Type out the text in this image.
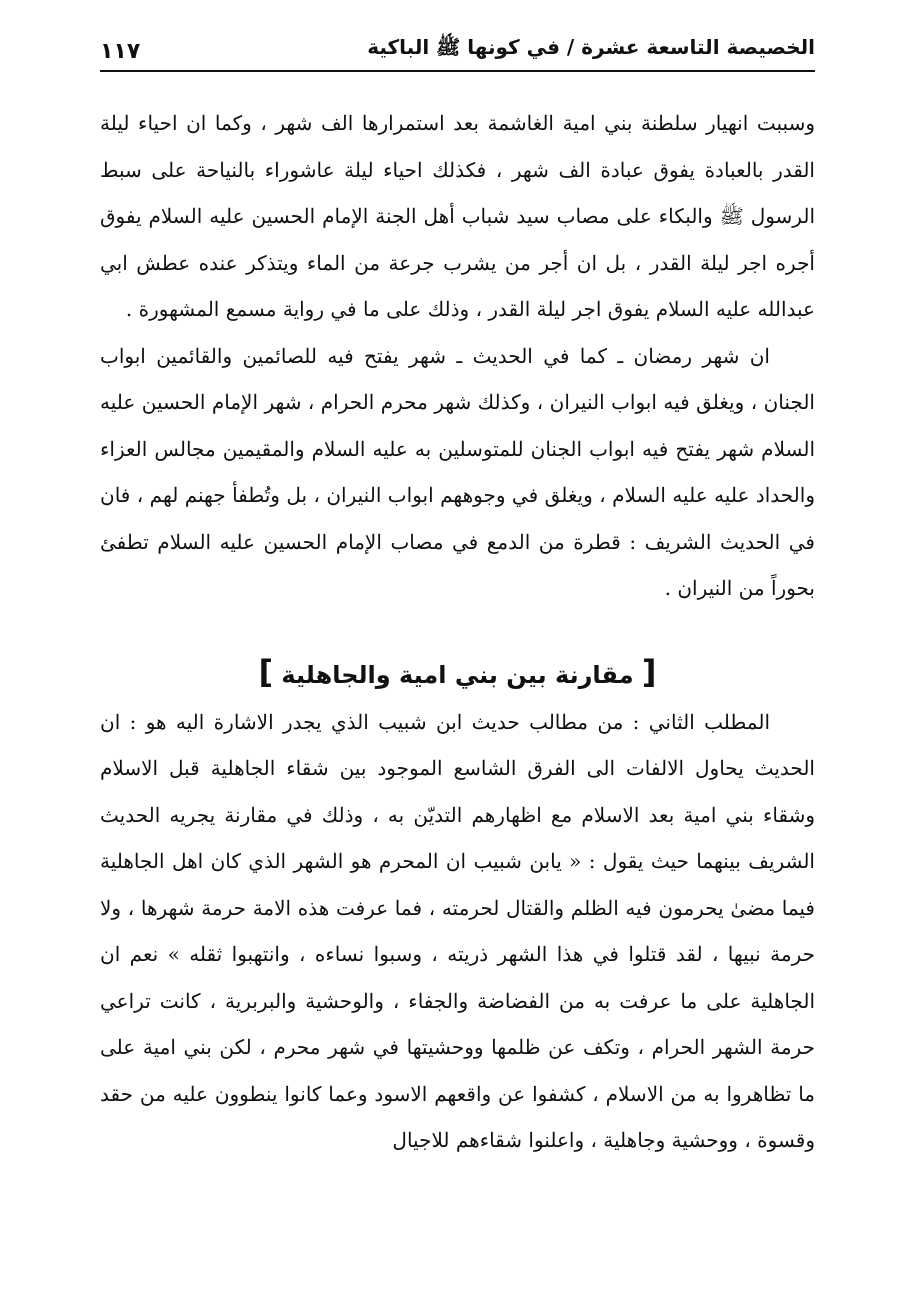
الخصيصة التاسعة عشرة / في كونها ﷺ الباكية
١١٧

وسببت انهيار سلطنة بني امية الغاشمة بعد استمرارها الف شهر ، وكما ان احياء ليلة القدر بالعبادة يفوق عبادة الف شهر ، فكذلك احياء ليلة عاشوراء بالنياحة على سبط الرسول ﷺ والبكاء على مصاب سيد شباب أهل الجنة الإمام الحسين عليه السلام يفوق أجره اجر ليلة القدر ، بل ان أجر من يشرب جرعة من الماء ويتذكر عنده عطش ابي عبدالله عليه السلام يفوق اجر ليلة القدر ، وذلك على ما في رواية مسمع المشهورة .

ان شهر رمضان ـ كما في الحديث ـ شهر يفتح فيه للصائمين والقائمين ابواب الجنان ، ويغلق فيه ابواب النيران ، وكذلك شهر محرم الحرام ، شهر الإمام الحسين عليه السلام شهر يفتح فيه ابواب الجنان للمتوسلين به عليه السلام والمقيمين مجالس العزاء والحداد عليه عليه السلام ، ويغلق في وجوههم ابواب النيران ، بل وتُطفأ جهنم لهم ، فان في الحديث الشريف : قطرة من الدمع في مصاب الإمام الحسين عليه السلام تطفئ بحوراً من النيران .

[ مقارنة بين بني امية والجاهلية ]

المطلب الثاني : من مطالب حديث ابن شبيب الذي يجدر الاشارة اليه هو : ان الحديث يحاول الالفات الى الفرق الشاسع الموجود بين شقاء الجاهلية قبل الاسلام وشقاء بني امية بعد الاسلام مع اظهارهم التديّن به ، وذلك في مقارنة يجريه الحديث الشريف بينهما حيث يقول : « يابن شبيب ان المحرم هو الشهر الذي كان اهل الجاهلية فيما مضىٰ يحرمون فيه الظلم والقتال لحرمته ، فما عرفت هذه الامة حرمة شهرها ، ولا حرمة نبيها ، لقد قتلوا في هذا الشهر ذريته ، وسبوا نساءه ، وانتهبوا ثقله » نعم ان الجاهلية على ما عرفت به من الفضاضة والجفاء ، والوحشية والبربرية ، كانت تراعي حرمة الشهر الحرام ، وتكف عن ظلمها ووحشيتها في شهر محرم ، لكن بني امية على ما تظاهروا به من الاسلام ، كشفوا عن واقعهم الاسود وعما كانوا ينطوون عليه من حقد وقسوة ، ووحشية وجاهلية ، واعلنوا شقاءهم للاجيال
